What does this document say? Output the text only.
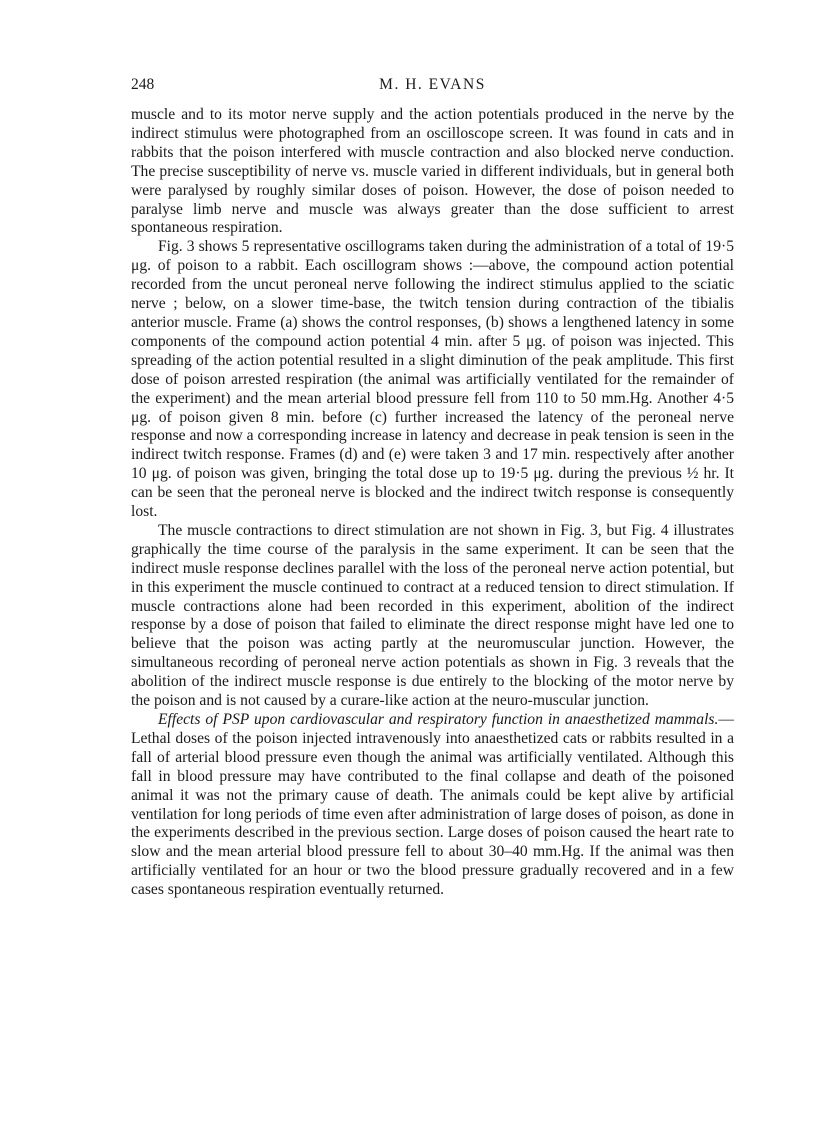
248	M. H. EVANS

muscle and to its motor nerve supply and the action potentials produced in the nerve by the indirect stimulus were photographed from an oscilloscope screen. It was found in cats and in rabbits that the poison interfered with muscle contraction and also blocked nerve conduction. The precise susceptibility of nerve vs. muscle varied in different individuals, but in general both were paralysed by roughly similar doses of poison. However, the dose of poison needed to paralyse limb nerve and muscle was always greater than the dose sufficient to arrest spontaneous respiration.

Fig. 3 shows 5 representative oscillograms taken during the administration of a total of 19·5 μg. of poison to a rabbit. Each oscillogram shows :—above, the compound action potential recorded from the uncut peroneal nerve following the indirect stimulus applied to the sciatic nerve ; below, on a slower time-base, the twitch tension during contraction of the tibialis anterior muscle. Frame (a) shows the control responses, (b) shows a lengthened latency in some components of the compound action potential 4 min. after 5 μg. of poison was injected. This spreading of the action potential resulted in a slight diminution of the peak amplitude. This first dose of poison arrested respiration (the animal was artificially ventilated for the remainder of the experiment) and the mean arterial blood pressure fell from 110 to 50 mm.Hg. Another 4·5 μg. of poison given 8 min. before (c) further increased the latency of the peroneal nerve response and now a corresponding increase in latency and decrease in peak tension is seen in the indirect twitch response. Frames (d) and (e) were taken 3 and 17 min. respectively after another 10 μg. of poison was given, bringing the total dose up to 19·5 μg. during the previous ½ hr. It can be seen that the peroneal nerve is blocked and the indirect twitch response is consequently lost.

The muscle contractions to direct stimulation are not shown in Fig. 3, but Fig. 4 illustrates graphically the time course of the paralysis in the same experiment. It can be seen that the indirect musle response declines parallel with the loss of the peroneal nerve action potential, but in this experiment the muscle continued to contract at a reduced tension to direct stimulation. If muscle contractions alone had been recorded in this experiment, abolition of the indirect response by a dose of poison that failed to eliminate the direct response might have led one to believe that the poison was acting partly at the neuromuscular junction. However, the simultaneous recording of peroneal nerve action potentials as shown in Fig. 3 reveals that the abolition of the indirect muscle response is due entirely to the blocking of the motor nerve by the poison and is not caused by a curare-like action at the neuro-muscular junction.

Effects of PSP upon cardiovascular and respiratory function in anaesthetized mammals.—Lethal doses of the poison injected intravenously into anaesthetized cats or rabbits resulted in a fall of arterial blood pressure even though the animal was artificially ventilated. Although this fall in blood pressure may have contributed to the final collapse and death of the poisoned animal it was not the primary cause of death. The animals could be kept alive by artificial ventilation for long periods of time even after administration of large doses of poison, as done in the experiments described in the previous section. Large doses of poison caused the heart rate to slow and the mean arterial blood pressure fell to about 30–40 mm.Hg. If the animal was then artificially ventilated for an hour or two the blood pressure gradually recovered and in a few cases spontaneous respiration eventually returned.
